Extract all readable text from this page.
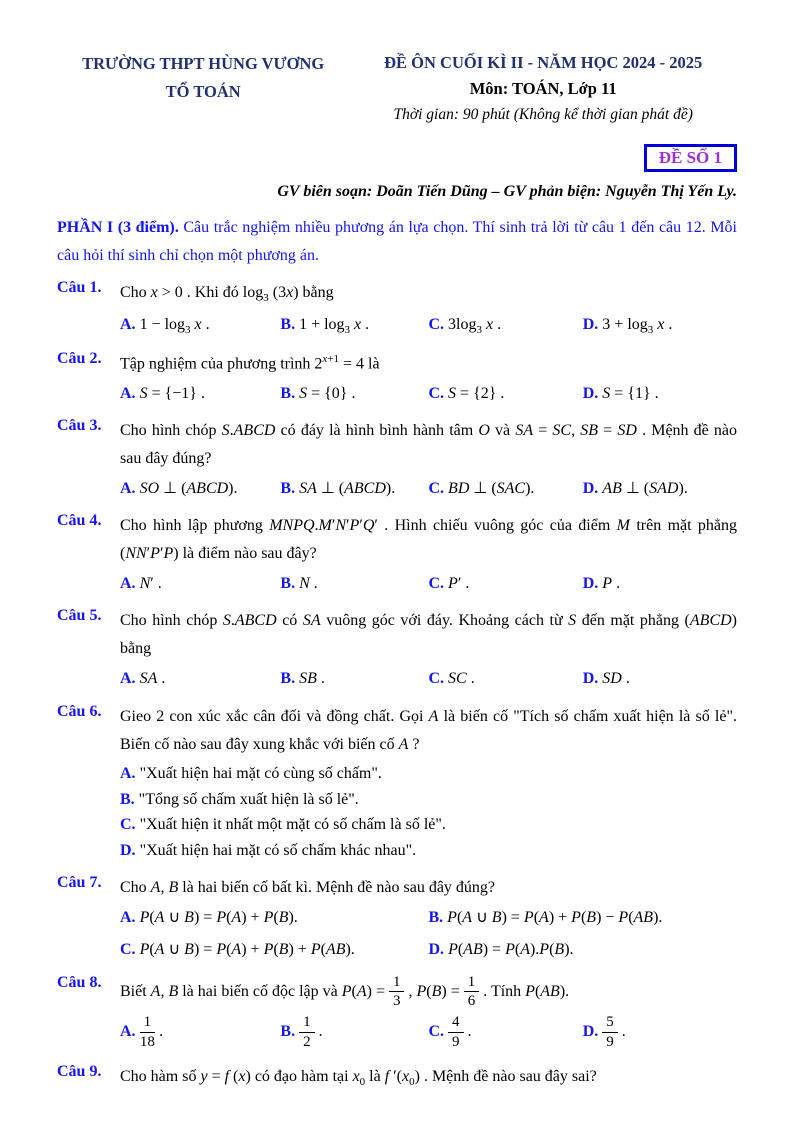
TRƯỜNG THPT HÙNG VƯƠNG
TỔ TOÁN
ĐỀ ÔN CUỐI KÌ II - NĂM HỌC 2024 - 2025
Môn: TOÁN, Lớp 11
Thời gian: 90 phút (Không kể thời gian phát đề)
ĐỀ SỐ 1
GV biên soạn: Doãn Tiến Dũng – GV phản biện: Nguyễn Thị Yến Ly.
PHẦN I (3 điểm). Câu trắc nghiệm nhiều phương án lựa chọn. Thí sinh trả lời từ câu 1 đến câu 12. Mỗi câu hỏi thí sinh chỉ chọn một phương án.
Câu 1.	Cho x > 0 . Khi đó $\log_3 (3x)$ bằng
A. $1 - \log_3 x$ .	B. $1 + \log_3 x$ .	C. $3\log_3$ x .	D. $3 + \log_3 x$ .
Câu 2.	Tập nghiệm của phương trình $2^{x+1} = 4$ là
A. S = {−1} .	B. S = {0} .	C. S = {2} .	D. S = {1} .
Câu 3.	Cho hình chóp S.ABCD có đáy là hình bình hành tâm O và SA = SC, SB = SD . Mệnh đề nào sau đây đúng?
A. SO ⊥ (ABCD).	B. SA ⊥ (ABCD).	C. BD ⊥ (SAC).	D. AB ⊥ (SAD).
Câu 4.	Cho hình lập phương MNPQ.M′N′P′Q′ . Hình chiếu vuông góc của điểm M trên mặt phẳng (NN′P′P) là điểm nào sau đây?
A. N′ .	B. N .	C. P′ .	D. P .
Câu 5.	Cho hình chóp S.ABCD có SA vuông góc với đáy. Khoảng cách từ S đến mặt phẳng (ABCD) bằng
A. SA .	B. SB .	C. SC .	D. SD .
Câu 6.	Gieo 2 con xúc xắc cân đối và đồng chất. Gọi A là biến cố "Tích số chấm xuất hiện là số lẻ". Biến cố nào sau đây xung khắc với biến cố A ?
A. "Xuất hiện hai mặt có cùng số chấm".
B. "Tổng số chấm xuất hiện là số lẻ".
C. "Xuất hiện it nhất một mặt có số chấm là số lẻ".
D. "Xuất hiện hai mặt có số chấm khác nhau".
Câu 7.	Cho A, B là hai biến cố bất kì. Mệnh đề nào sau đây đúng?
A. P(A ∪ B) = P(A) + P(B).	B. P(A ∪ B) = P(A) + P(B) − P(AB).
C. P(A ∪ B) = P(A) + P(B) + P(AB).	D. P(AB) = P(A).P(B).
Câu 8.
Biết A, B là hai biến cố độc lập và $P(A) = \frac{1}{3}$ , $P(B) = \frac{1}{6}$ . Tính P(AB).
A. $\frac{1}{18}$ .	B. $\frac{1}{2}$ .	C. $\frac{4}{9}$ .	D. $\frac{5}{9}$ .
Câu 9.	Cho hàm số y = f (x) có đạo hàm tại $x_0$ là f $'(x_0)$ . Mệnh đề nào sau đây sai?
